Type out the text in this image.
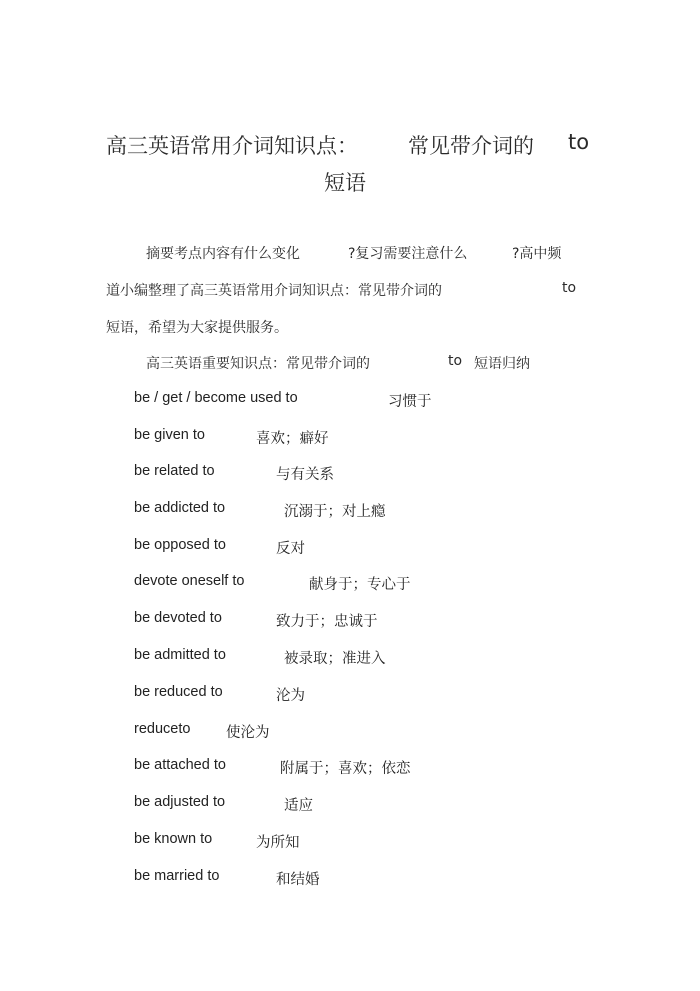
高三英语常用介词知识点： 常见带介词的 to
短语
摘要考点内容有什么变化	?复习需要注意什么	?高中频
道小编整理了高三英语常用介词知识点：常见带介词的	to
短语，希望为大家提供服务。
高三英语重要知识点：常见带介词的	to 短语归纳
be / get / become used to	习惯于
be given to	喜欢；癖好
be related to	与有关系
be addicted to	沉溺于；对上瘾
be opposed to	反对
devote oneself to	献身于；专心于
be devoted to	致力于；忠诚于
be admitted to	被录取；准进入
be reduced to	沦为
reduceto 使沦为
be attached to	附属于；喜欢；依恋
be adjusted to	适应
be known to	为所知
be married to	和结婚
